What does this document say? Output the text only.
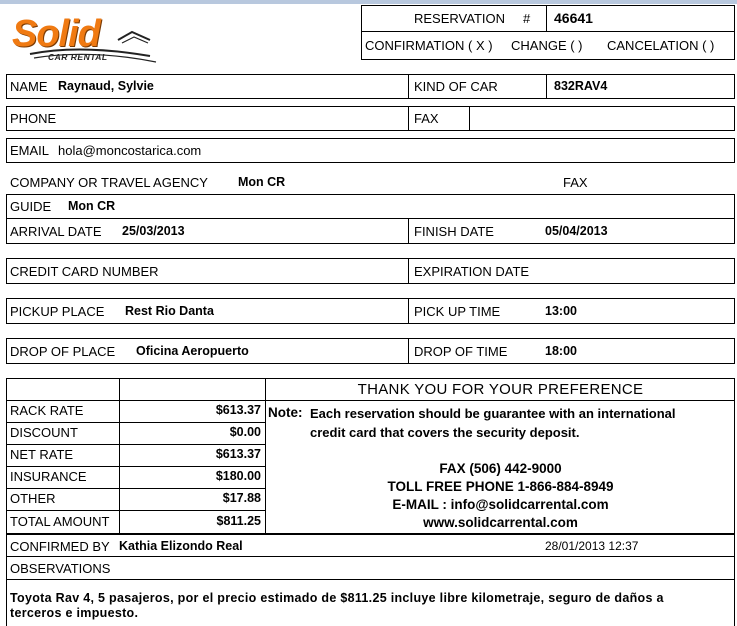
Solid
CAR RENTAL
RESERVATION # 46641
CONFIRMATION ( X ) CHANGE ( ) CANCELATION ( )
NAME Raynaud, Sylvie	KIND OF CAR	832RAV4
PHONE	FAX
EMAIL hola@moncostarica.com
COMPANY OR TRAVEL AGENCY Mon CR	FAX
GUIDE Mon CR
ARRIVAL DATE 25/03/2013	FINISH DATE	05/04/2013
CREDIT CARD NUMBER	EXPIRATION DATE
PICKUP PLACE Rest Rio Danta	PICK UP TIME	13:00
DROP OF PLACE Oficina Aeropuerto	DROP OF TIME	18:00
RACK RATE	$613.37
DISCOUNT	$0.00
NET RATE	$613.37
INSURANCE	$180.00
OTHER	$17.88
TOTAL AMOUNT	$811.25
THANK YOU FOR YOUR PREFERENCE
Note: Each reservation should be guarantee with an international
credit card that covers the security deposit.
FAX (506) 442-9000
TOLL FREE PHONE 1-866-884-8949
E-MAIL : info@solidcarrental.com
www.solidcarrental.com
CONFIRMED BY Kathia Elizondo Real	28/01/2013 12:37
OBSERVATIONS
Toyota Rav 4, 5 pasajeros, por el precio estimado de $811.25 incluye libre kilometraje, seguro de daños a terceros e impuesto.
